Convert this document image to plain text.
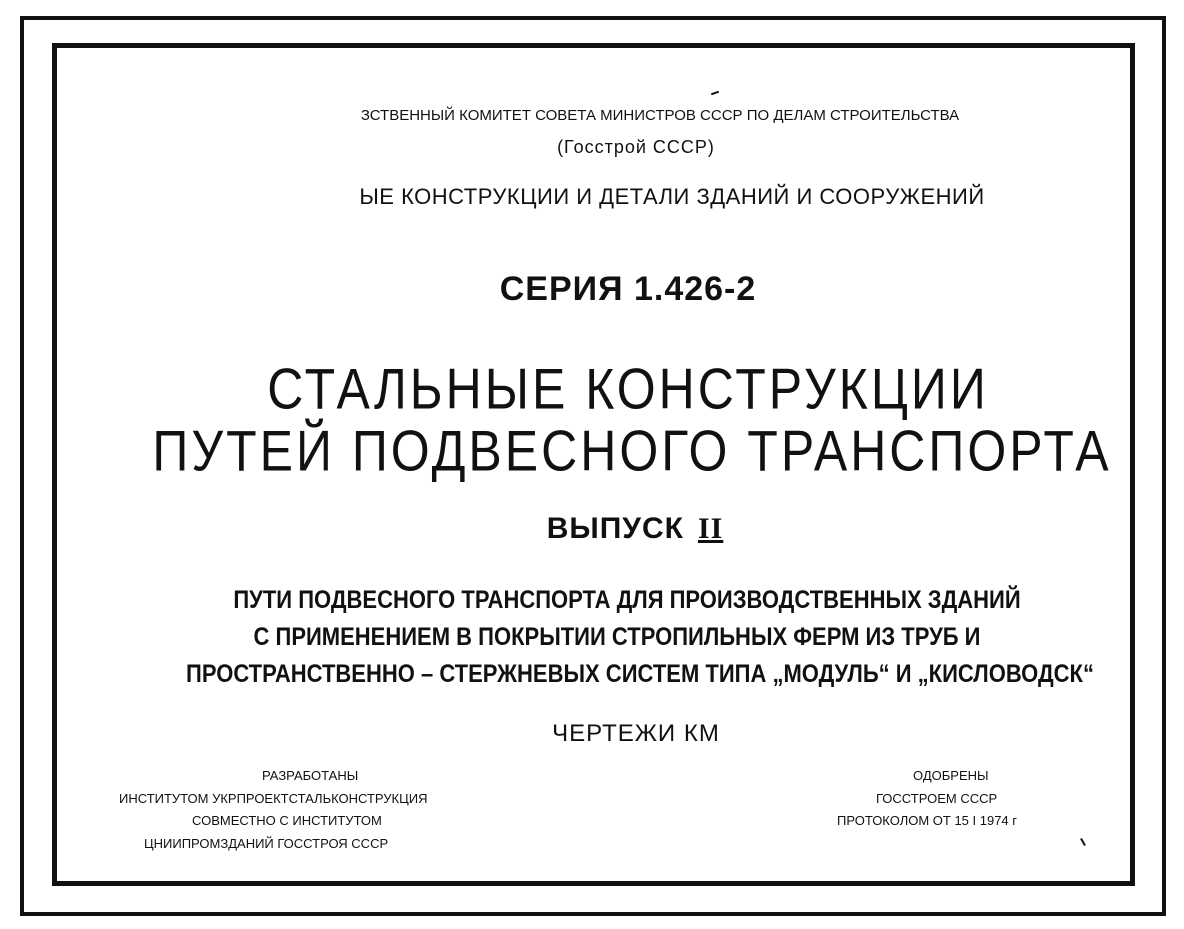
ЗСТВЕННЫЙ КОМИТЕТ СОВЕТА МИНИСТРОВ СССР ПО ДЕЛАМ СТРОИТЕЛЬСТВА
(Госстрой СССР)
ЫЕ КОНСТРУКЦИИ И ДЕТАЛИ ЗДАНИЙ И СООРУЖЕНИЙ
СЕРИЯ 1.426-2
СТАЛЬНЫЕ КОНСТРУКЦИИ
ПУТЕЙ ПОДВЕСНОГО ТРАНСПОРТА
ВЫПУСК II
ПУТИ ПОДВЕСНОГО ТРАНСПОРТА ДЛЯ ПРОИЗВОДСТВЕННЫХ ЗДАНИЙ
С ПРИМЕНЕНИЕМ В ПОКРЫТИИ СТРОПИЛЬНЫХ ФЕРМ ИЗ ТРУБ И
ПРОСТРАНСТВЕННО – СТЕРЖНЕВЫХ СИСТЕМ ТИПА „МОДУЛЬ“ И „КИСЛОВОДСК“
ЧЕРТЕЖИ КМ
РАЗРАБОТАНЫ
ИНСТИТУТОМ УКРПРОЕКТСТАЛЬКОНСТРУКЦИЯ
СОВМЕСТНО С ИНСТИТУТОМ
ЦНИИПРОМЗДАНИЙ ГОССТРОЯ СССР
ОДОБРЕНЫ
ГОССТРОЕМ СССР
ПРОТОКОЛОМ ОТ 15 I 1974 г
